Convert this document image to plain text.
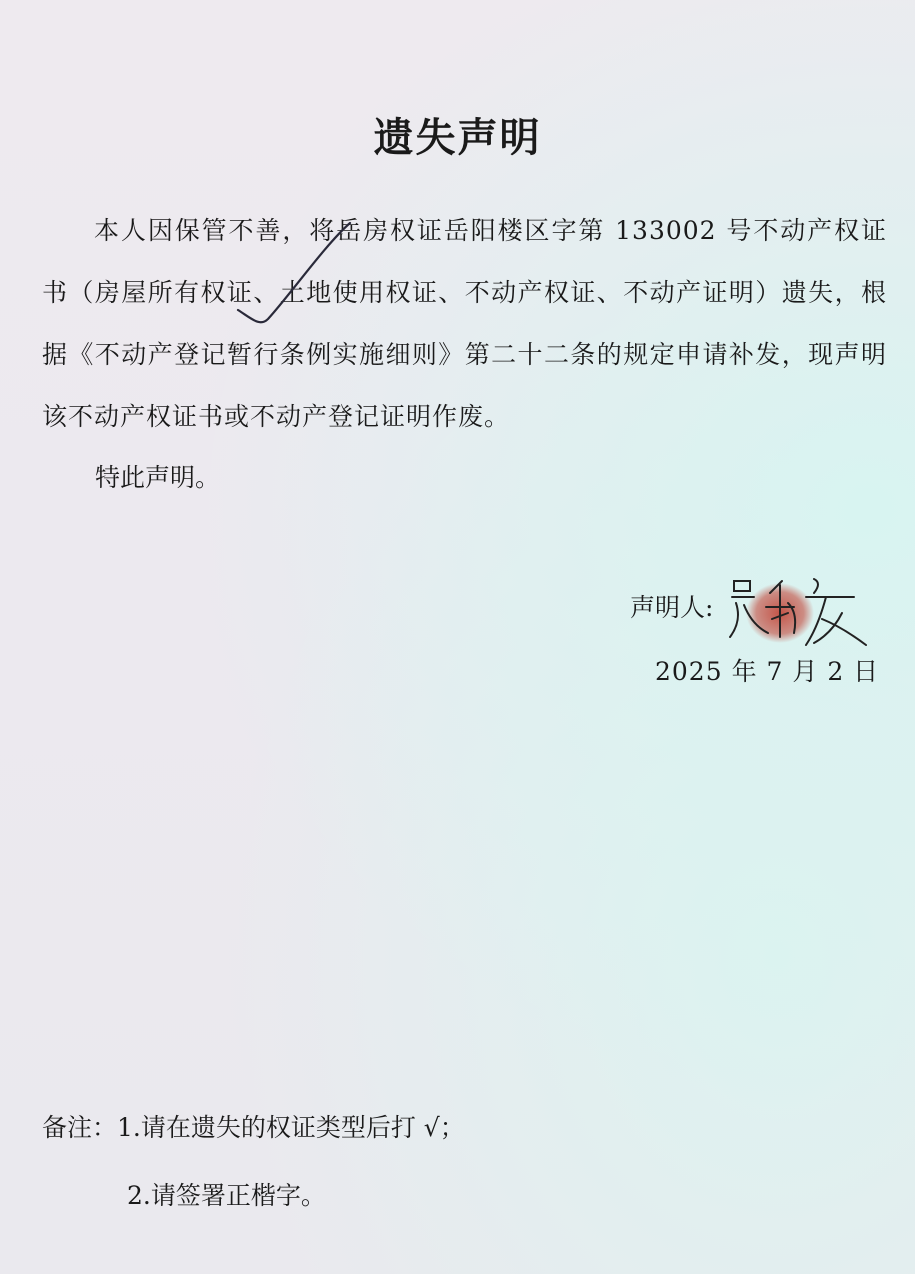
遗失声明

本人因保管不善，将岳房权证岳阳楼区字第 133002 号不动产权证书（房屋所有权证、土地使用权证、不动产权证、不动产证明）遗失，根据《不动产登记暂行条例实施细则》第二十二条的规定申请补发，现声明该不动产权证书或不动产登记证明作废。

特此声明。
声明人:
2025 年 7 月 2 日
备注：1.请在遗失的权证类型后打 √；
2.请签署正楷字。
